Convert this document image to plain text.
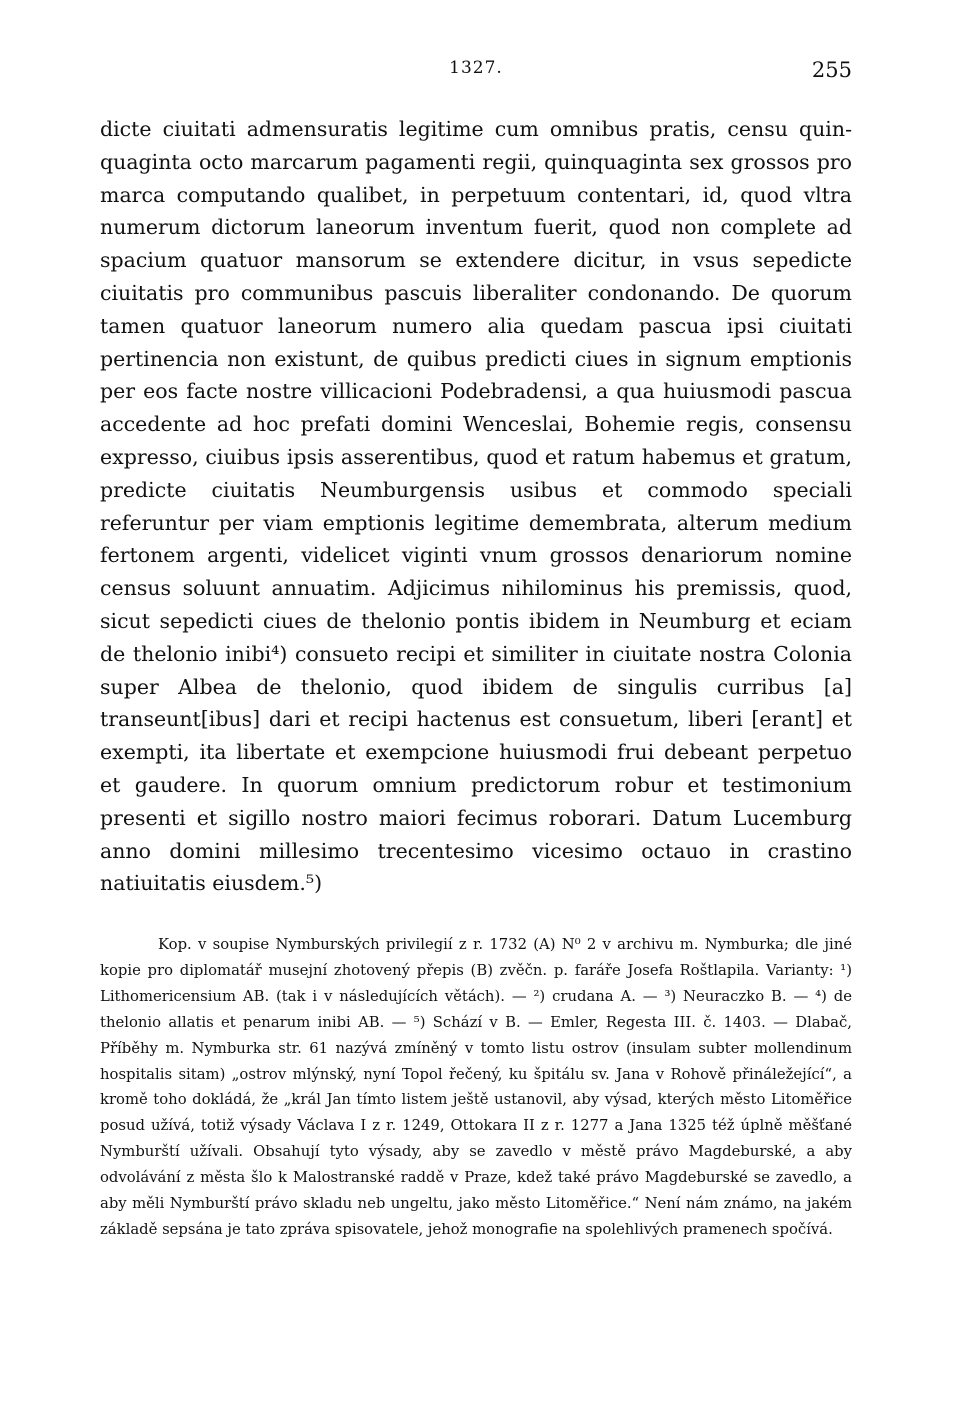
1327.	255

dicte ciuitati admensuratis legitime cum omnibus pratis, censu quinquaginta octo marcarum pagamenti regii, quinquaginta sex grossos pro marca computando qualibet, in perpetuum contentari, id, quod vltra numerum dictorum laneorum inventum fuerit, quod non complete ad spacium quatuor mansorum se extendere dicitur, in vsus sepedicte ciuitatis pro communibus pascuis liberaliter condonando. De quorum tamen quatuor laneorum numero alia quedam pascua ipsi ciuitati pertinencia non existunt, de quibus predicti ciues in signum emptionis per eos facte nostre villicacioni Podebradensi, a qua huiusmodi pascua accedente ad hoc prefati domini Wenceslai, Bohemie regis, consensu expresso, ciuibus ipsis asserentibus, quod et ratum habemus et gratum, predicte ciuitatis Neumburgensis usibus et commodo speciali referuntur per viam emptionis legitime demembrata, alterum medium fertonem argenti, videlicet viginti vnum grossos denariorum nomine census soluunt annuatim. Adjicimus nihilominus his premissis, quod, sicut sepedicti ciues de thelonio pontis ibidem in Neumburg et eciam de thelonio inibi⁴) consueto recipi et similiter in ciuitate nostra Colonia super Albea de thelonio, quod ibidem de singulis curribus [a] transeunt[ibus] dari et recipi hactenus est consuetum, liberi [erant] et exempti, ita libertate et exempcione huiusmodi frui debeant perpetuo et gaudere. In quorum omnium predictorum robur et testimonium presenti et sigillo nostro maiori fecimus roborari. Datum Lucemburg anno domini millesimo trecentesimo vicesimo octauo in crastino natiuitatis eiusdem.⁵)

Kop. v soupise Nymburských privilegií z r. 1732 (A) N⁰ 2 v archivu m. Nymburka; dle jiné kopie pro diplomatář musejní zhotovený přepis (B) zvěčn. p. faráře Josefa Roštlapila. Varianty: ¹) Lithomericensium AB. (tak i v následujících větách). — ²) crudana A. — ³) Neuraczko B. — ⁴) de thelonio allatis et penarum inibi AB. — ⁵) Schází v B. — Emler, Regesta III. č. 1403. — Dlabač, Příběhy m. Nymburka str. 61 nazývá zmíněný v tomto listu ostrov (insulam subter mollendinum hospitalis sitam) „ostrov mlýnský, nyní Topol řečený, ku špitálu sv. Jana v Rohově přináležející“, a kromě toho dokládá, že „král Jan tímto listem ještě ustanovil, aby výsad, kterých město Litoměřice posud užívá, totiž výsady Václava I z r. 1249, Ottokara II z r. 1277 a Jana 1325 též úplně měšťané Nymburští užívali. Obsahují tyto výsady, aby se zavedlo v městě právo Magdeburské, a aby odvolávání z města šlo k Malostranské raddě v Praze, kdež také právo Magdeburské se zavedlo, a aby měli Nymburští právo skladu neb ungeltu, jako město Litoměřice.“ Není nám známo, na jakém základě sepsána je tato zpráva spisovatele, jehož monografie na spolehlivých pramenech spočívá.
